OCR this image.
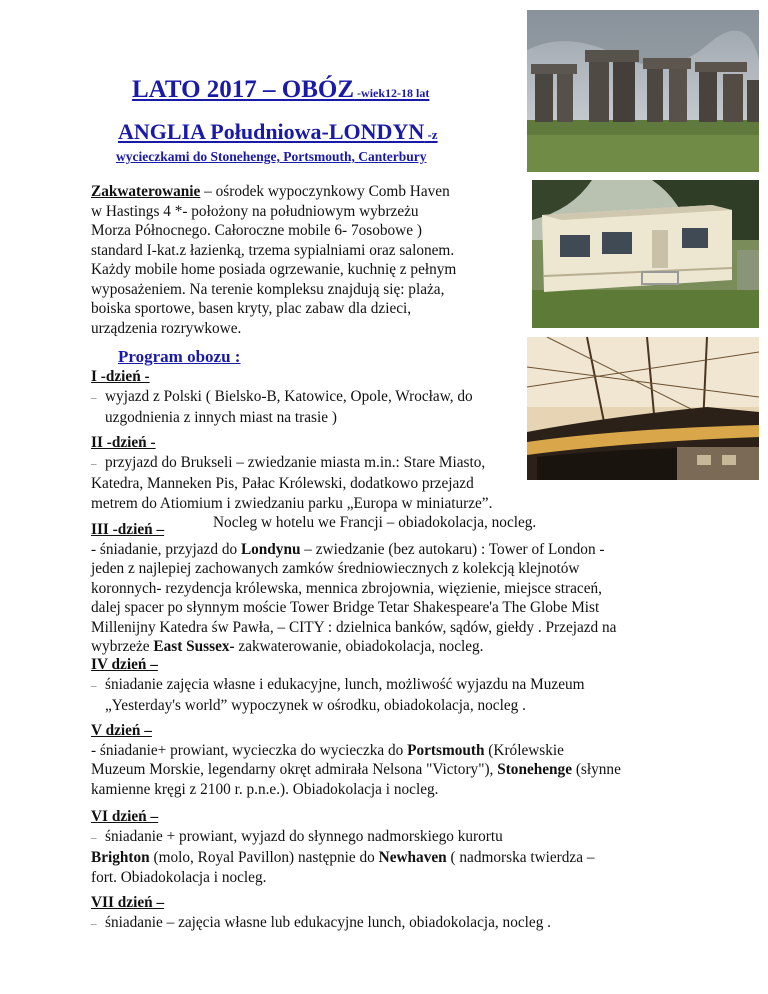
LATO 2017 – OBÓZ -wiek12-18 lat
ANGLIA Południowa-LONDYN -z
wycieczkami do Stonehenge, Portsmouth, Canterbury

Zakwaterowanie – ośrodek wypoczynkowy Comb Haven

w Hastings 4 *- położony na południowym wybrzeżu

Morza Północnego. Całoroczne mobile 6- 7osobowe )

standard I-kat.z łazienką, trzema sypialniami oraz salonem.

Każdy mobile home posiada ogrzewanie, kuchnię z pełnym

wyposażeniem. Na terenie kompleksu znajdują się: plaża,

boiska sportowe, basen kryty, plac zabaw dla dzieci,

urządzenia rozrywkowe.

Program obozu :

I -dzień -

– wyjazd z Polski ( Bielsko-B, Katowice, Opole, Wrocław, do

uzgodnienia z innych miast na trasie )

II -dzień -

– przyjazd do Brukseli – zwiedzanie miasta m.in.: Stare Miasto,

Katedra, Manneken Pis, Pałac Królewski, dodatkowo przejazd

metrem do Atiomium i zwiedzaniu parku „Europa w miniaturze”.

Nocleg w hotelu we Francji – obiadokolacja, nocleg.

III -dzień –

- śniadanie, przyjazd do Londynu – zwiedzanie (bez autokaru) : Tower of London -

jeden z najlepiej zachowanych zamków średniowiecznych z kolekcją klejnotów

koronnych- rezydencja królewska, mennica zbrojownia, więzienie, miejsce straceń,

dalej spacer po słynnym moście Tower Bridge Tetar Shakespeare'a The Globe Mist

Millenijny Katedra św Pawła, – CITY : dzielnica banków, sądów, giełdy . Przejazd na

wybrzeże East Sussex- zakwaterowanie, obiadokolacja, nocleg.

IV dzień –

– śniadanie zajęcia własne i edukacyjne, lunch, możliwość wyjazdu na Muzeum

„Yesterday's world” wypoczynek w ośrodku, obiadokolacja, nocleg .

V dzień –

- śniadanie+ prowiant, wycieczka do wycieczka do Portsmouth (Królewskie

Muzeum Morskie, legendarny okręt admirała Nelsona "Victory"), Stonehenge (słynne

kamienne kręgi z 2100 r. p.n.e.). Obiadokolacja i nocleg.

VI dzień –

– śniadanie + prowiant, wyjazd do słynnego nadmorskiego kurortu

Brighton (molo, Royal Pavillon) następnie do Newhaven ( nadmorska twierdza –

fort. Obiadokolacja i nocleg.

VII dzień –

– śniadanie – zajęcia własne lub edukacyjne lunch, obiadokolacja, nocleg .
